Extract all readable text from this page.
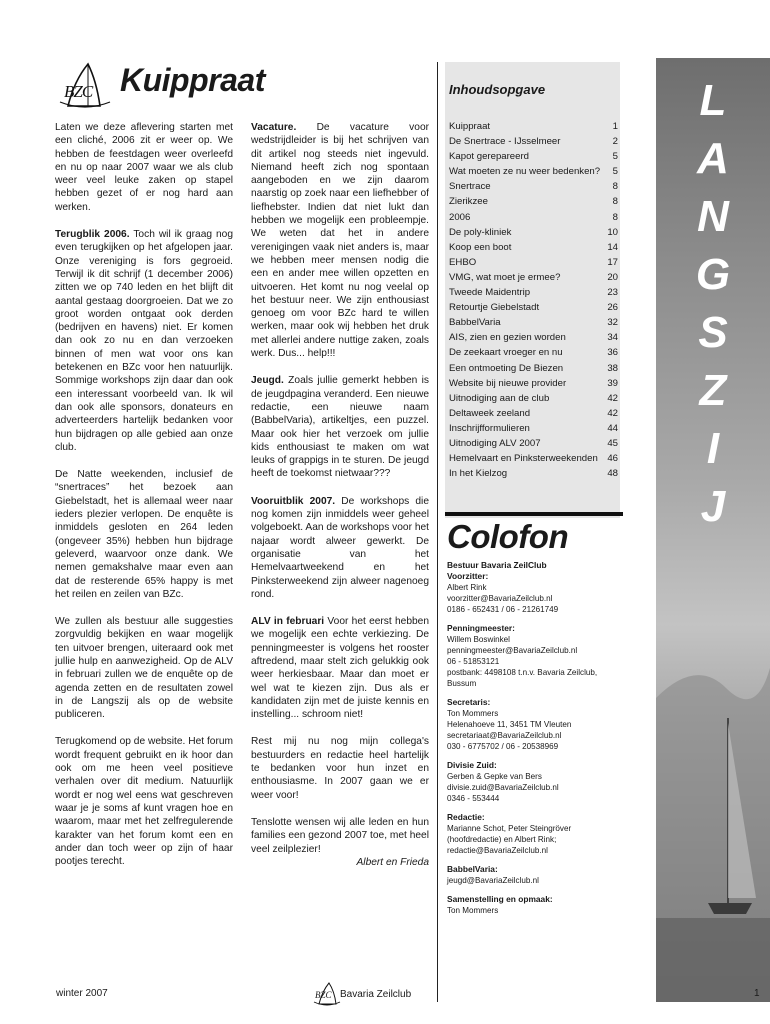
BZC Kuippraat

Laten we deze aflevering starten met een cliché, 2006 zit er weer op. We hebben de feestdagen weer overleefd en nu op naar 2007 waar we als club weer veel leuke zaken op stapel hebben gezet of er nog hard aan werken.

Terugblik 2006. Toch wil ik graag nog even terugkijken op het afgelopen jaar. Onze vereniging is fors gegroeid. Terwijl ik dit schrijf (1 december 2006) zitten we op 740 leden en het blijft dit aantal gestaag doorgroeien. Dat we zo groot worden ontgaat ook derden (bedrijven en havens) niet. Er komen dan ook zo nu en dan verzoeken binnen of men wat voor ons kan betekenen en BZc voor hen natuurlijk. Sommige workshops zijn daar dan ook een interessant voorbeeld van. Ik wil dan ook alle sponsors, donateurs en adverteerders hartelijk bedanken voor hun bijdragen op alle gebied aan onze club.

De Natte weekenden, inclusief de “snertraces” het bezoek aan Giebelstadt, het is allemaal weer naar ieders plezier verlopen. De enquête is inmiddels gesloten en 264 leden (ongeveer 35%) hebben hun bijdrage geleverd, waarvoor onze dank. We nemen gemakshalve maar even aan dat de resterende 65% happy is met het reilen en zeilen van BZc.

We zullen als bestuur alle suggesties zorgvuldig bekijken en waar mogelijk ten uitvoer brengen, uiteraard ook met jullie hulp en aanwezigheid. Op de ALV in februari zullen we de enquête op de agenda zetten en de resultaten zowel in de Langszij als op de website publiceren.

Terugkomend op de website. Het forum wordt frequent gebruikt en ik hoor dan ook om me heen veel positieve verhalen over dit medium. Natuurlijk wordt er nog wel eens wat geschreven waar je je soms af kunt vragen hoe en waarom, maar met het zelfregulerende karakter van het forum komt een en ander dan toch weer op zijn of haar pootjes terecht.

Vacature. De vacature voor wedstrijdleider is bij het schrijven van dit artikel nog steeds niet ingevuld. Niemand heeft zich nog spontaan aangeboden en we zijn daarom naarstig op zoek naar een liefhebber of liefhebster. Indien dat niet lukt dan hebben we mogelijk een probleempje. We weten dat het in andere verenigingen vaak niet anders is, maar we hebben meer mensen nodig die een en ander mee willen opzetten en uitvoeren. Het komt nu nog veelal op het bestuur neer. We zijn enthousiast genoeg om voor BZc hard te willen werken, maar ook wij hebben het druk met allerlei andere nuttige zaken, zoals werk. Dus... help!!!

Jeugd. Zoals jullie gemerkt hebben is de jeugdpagina veranderd. Een nieuwe redactie, een nieuwe naam (BabbelVaria), artikeltjes, een puzzel. Maar ook hier het verzoek om jullie kids enthousiast te maken om wat leuks of grappigs in te sturen. De jeugd heeft de toekomst nietwaar???

Vooruitblik 2007. De workshops die nog komen zijn inmiddels weer geheel volgeboekt. Aan de workshops voor het najaar wordt alweer gewerkt. De organisatie van het Hemelvaartweekend en het Pinksterweekend zijn alweer nagenoeg rond.

ALV in februari Voor het eerst hebben we mogelijk een echte verkiezing. De penningmeester is volgens het rooster aftredend, maar stelt zich gelukkig ook weer herkiesbaar. Maar dan moet er wel wat te kiezen zijn. Dus als er kandidaten zijn met de juiste kennis en instelling... schroom niet!

Rest mij nu nog mijn collega's bestuurders en redactie heel hartelijk te bedanken voor hun inzet en enthousiasme. In 2007 gaan we er weer voor!

Tenslotte wensen wij alle leden en hun families een gezond 2007 toe, met heel veel zeilplezier!

Albert en Frieda

Inhoudsopgave
Kuippraat	1
De Snertrace - IJsselmeer	2
Kapot gerepareerd	5
Wat moeten ze nu weer bedenken? 5
Snertrace	8
Zierikzee	8
2006	8
De poly-kliniek	10
Koop een boot	14
EHBO	17
VMG, wat moet je ermee?	20
Tweede Maidentrip	23
Retourtje Giebelstadt	26
BabbelVaria	32
AIS, zien en gezien worden	34
De zeekaart vroeger en nu	36
Een ontmoeting De Biezen	38
Website bij nieuwe provider	39
Uitnodiging aan de club	42
Deltaweek zeeland	42
Inschrijfformulieren	44
Uitnodiging ALV 2007	45
Hemelvaart en Pinksterweekenden 46
In het Kielzog	48
Colofon

Bestuur Bavaria ZeilClub

Voorzitter:

Albert Rink

voorzitter@BavariaZeilclub.nl

0186 - 652431 / 06 - 21261749

Penningmeester:

Willem Boswinkel

penningmeester@BavariaZeilclub.nl

06 - 51853121

postbank: 4498108 t.n.v. Bavaria Zeilclub, Bussum

Secretaris:

Ton Mommers

Helenahoeve 11, 3451 TM Vleuten

secretariaat@BavariaZeilclub.nl

030 - 6775702 / 06 - 20538969

Divisie Zuid:

Gerben & Gepke van Bers

divisie.zuid@BavariaZeilclub.nl

0346 - 553444

Redactie:

Marianne Schot, Peter Steingröver (hoofdredactie) en Albert Rink; redactie@BavariaZeilclub.nl

BabbelVaria:

jeugd@BavariaZeilclub.nl

Samenstelling en opmaak:

Ton Mommers

L
A
N
G
S
Z
I
J
winter 2007	BZC Bavaria Zeilclub	1
